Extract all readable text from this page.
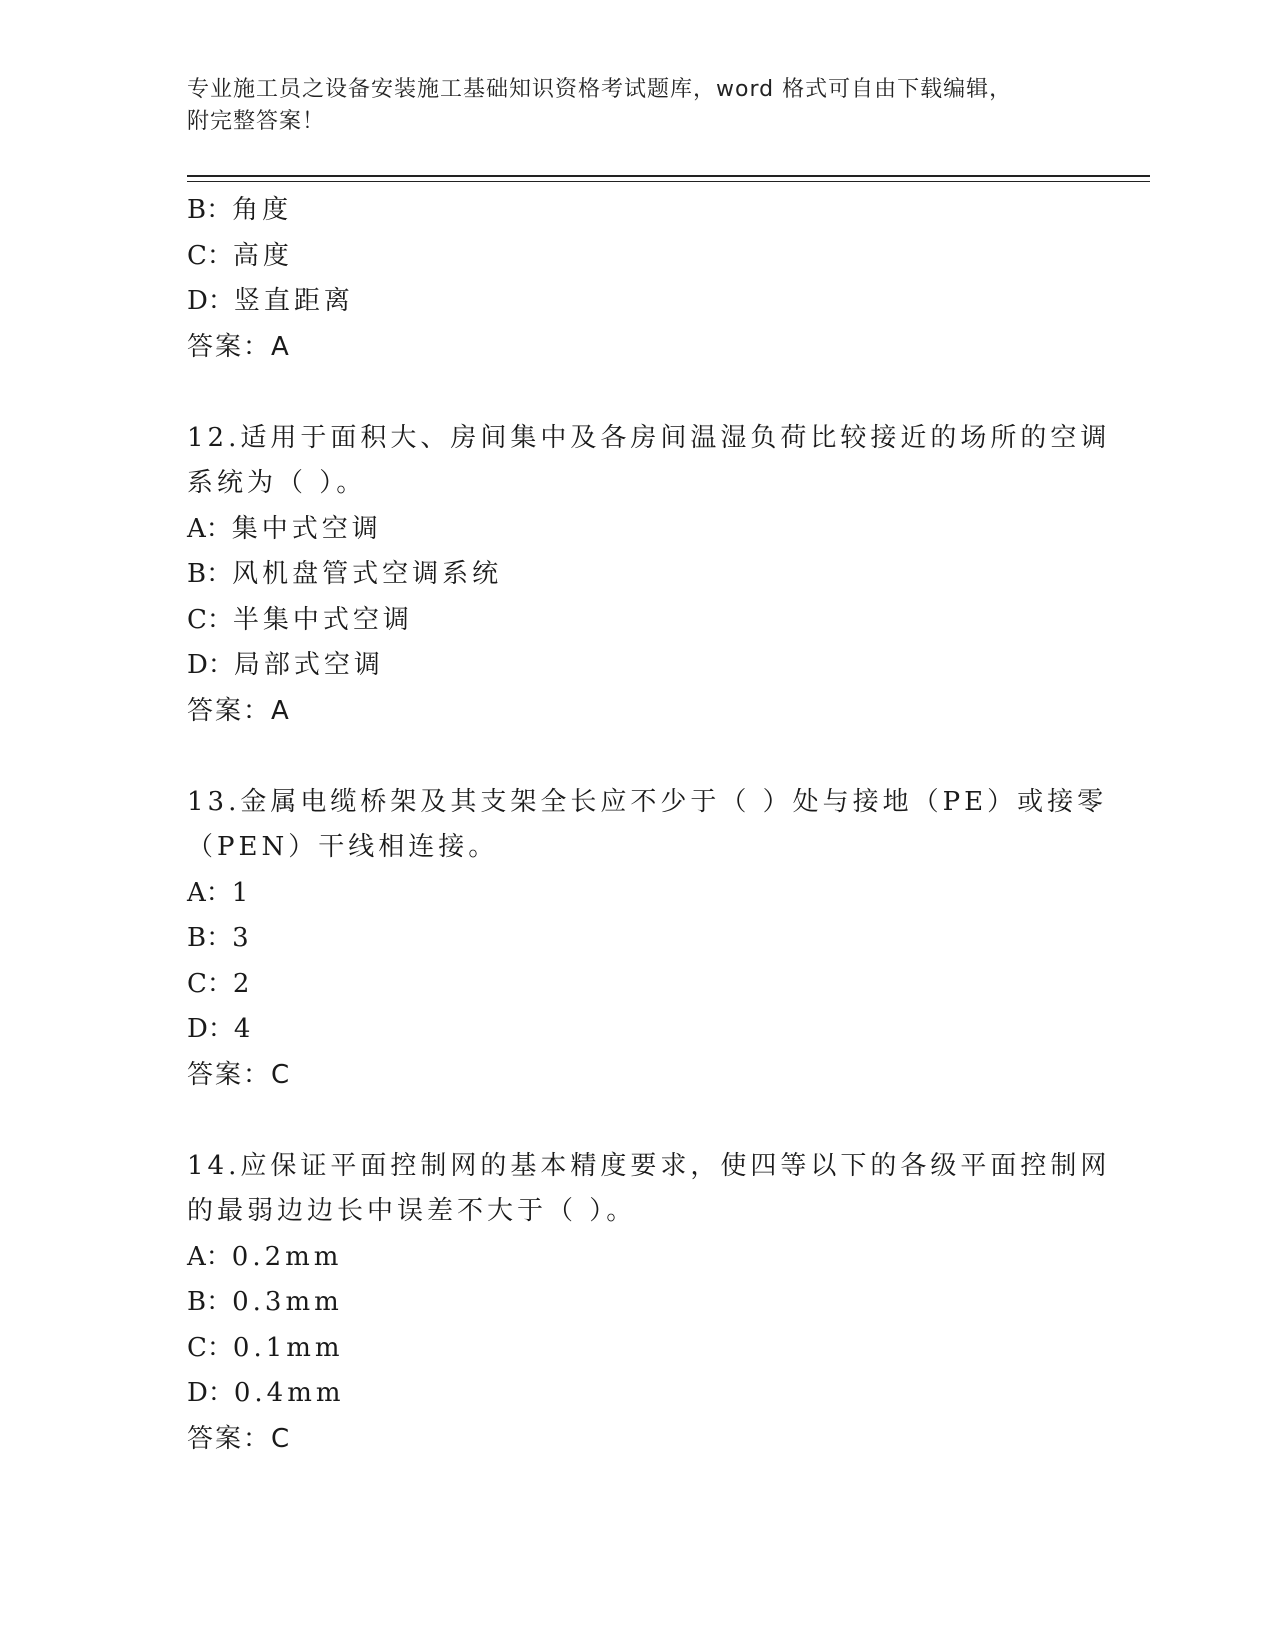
专业施工员之设备安装施工基础知识资格考试题库，word 格式可自由下载编辑，
附完整答案！
B：角度
C：高度
D：竖直距离
答案：A
12.适用于面积大、房间集中及各房间温湿负荷比较接近的场所的空调
系统为（ ）。
A：集中式空调
B：风机盘管式空调系统
C：半集中式空调
D：局部式空调
答案：A
13.金属电缆桥架及其支架全长应不少于（ ）处与接地（PE）或接零
（PEN）干线相连接。
A：1
B：3
C：2
D：4
答案：C
14.应保证平面控制网的基本精度要求，使四等以下的各级平面控制网
的最弱边边长中误差不大于（ ）。
A：0.2mm
B：0.3mm
C：0.1mm
D：0.4mm
答案：C
